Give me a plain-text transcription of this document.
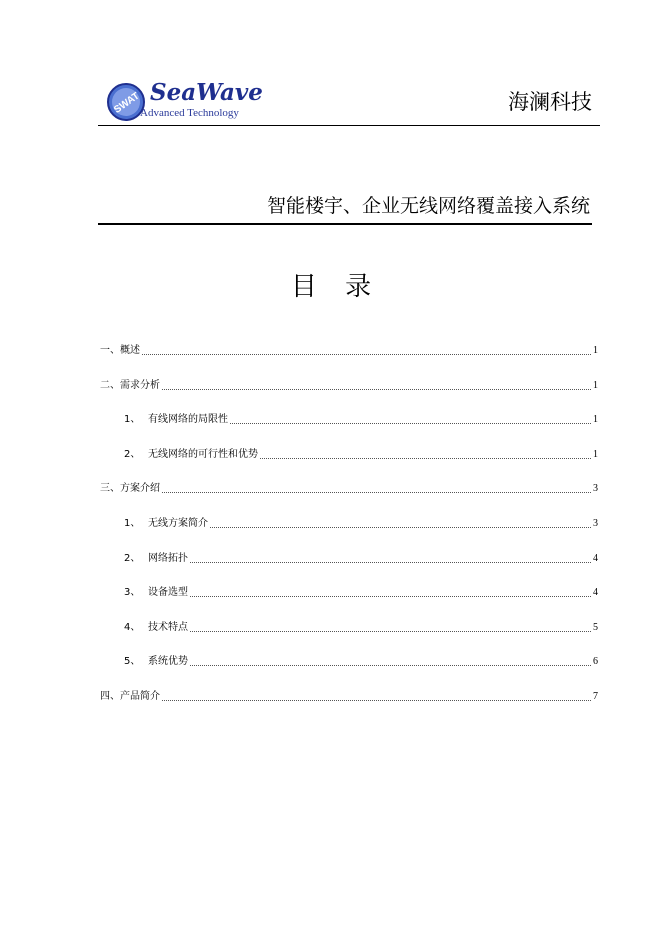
SWAT SeaWave
Advanced Technology	海澜科技
智能楼宇、企业无线网络覆盖接入系统
目 录
一、概述	1
二、需求分析	1
1、 有线网络的局限性	1
2、 无线网络的可行性和优势	1
三、方案介绍	3
1、 无线方案简介	3
2、 网络拓扑	4
3、 设备选型	4
4、 技术特点	5
5、 系统优势	6
四、产品简介	7
